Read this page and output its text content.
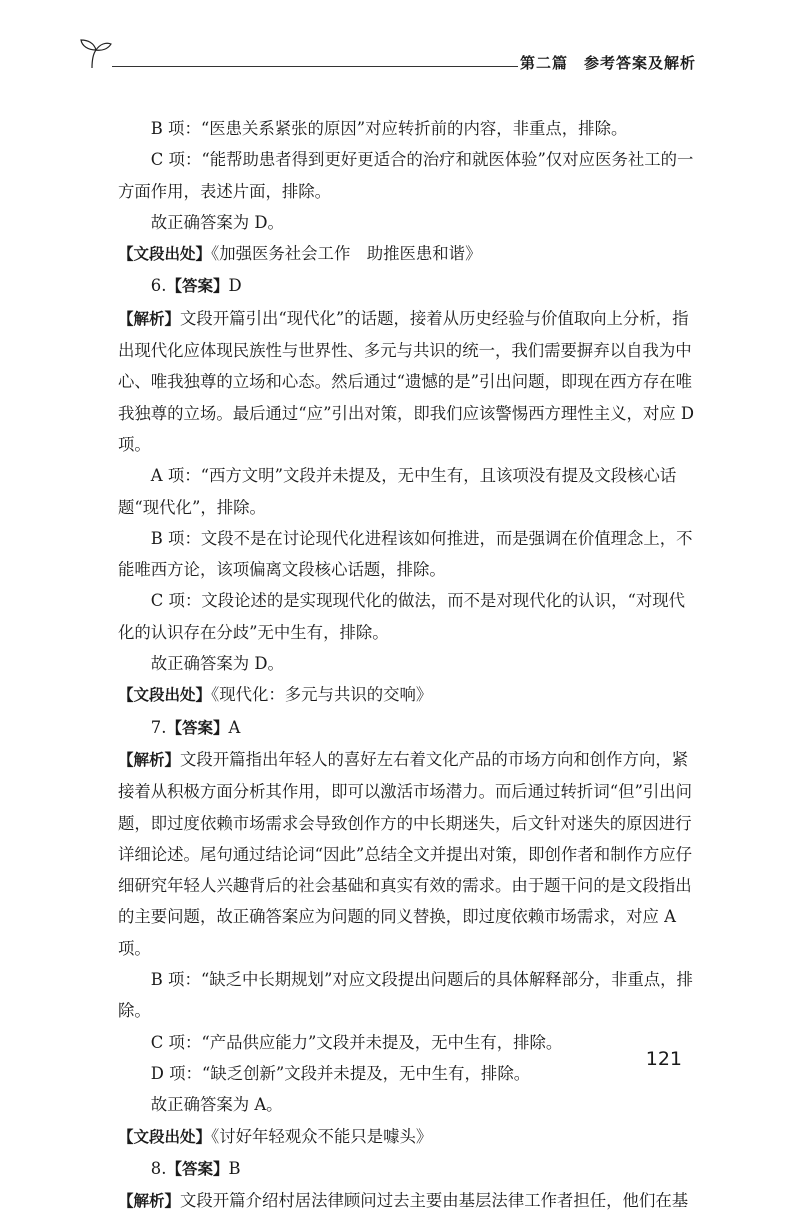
第二篇　参考答案及解析

B 项：“医患关系紧张的原因”对应转折前的内容，非重点，排除。

C 项：“能帮助患者得到更好更适合的治疗和就医体验”仅对应医务社工的一方面作用，表述片面，排除。

故正确答案为 D。

【文段出处】《加强医务社会工作　助推医患和谐》

6.【答案】D

【解析】文段开篇引出“现代化”的话题，接着从历史经验与价值取向上分析，指出现代化应体现民族性与世界性、多元与共识的统一，我们需要摒弃以自我为中心、唯我独尊的立场和心态。然后通过“遗憾的是”引出问题，即现在西方存在唯我独尊的立场。最后通过“应”引出对策，即我们应该警惕西方理性主义，对应 D 项。

A 项：“西方文明”文段并未提及，无中生有，且该项没有提及文段核心话题“现代化”，排除。

B 项：文段不是在讨论现代化进程该如何推进，而是强调在价值理念上，不能唯西方论，该项偏离文段核心话题，排除。

C 项：文段论述的是实现现代化的做法，而不是对现代化的认识，“对现代化的认识存在分歧”无中生有，排除。

故正确答案为 D。

【文段出处】《现代化：多元与共识的交响》

7.【答案】A

【解析】文段开篇指出年轻人的喜好左右着文化产品的市场方向和创作方向，紧接着从积极方面分析其作用，即可以激活市场潜力。而后通过转折词“但”引出问题，即过度依赖市场需求会导致创作方的中长期迷失，后文针对迷失的原因进行详细论述。尾句通过结论词“因此”总结全文并提出对策，即创作者和制作方应仔细研究年轻人兴趣背后的社会基础和真实有效的需求。由于题干问的是文段指出的主要问题，故正确答案应为问题的同义替换，即过度依赖市场需求，对应 A 项。

B 项：“缺乏中长期规划”对应文段提出问题后的具体解释部分，非重点，排除。

C 项：“产品供应能力”文段并未提及，无中生有，排除。

D 项：“缺乏创新”文段并未提及，无中生有，排除。

故正确答案为 A。

【文段出处】《讨好年轻观众不能只是噱头》

8.【答案】B

【解析】文段开篇介绍村居法律顾问过去主要由基层法律工作者担任，他们在基

121
